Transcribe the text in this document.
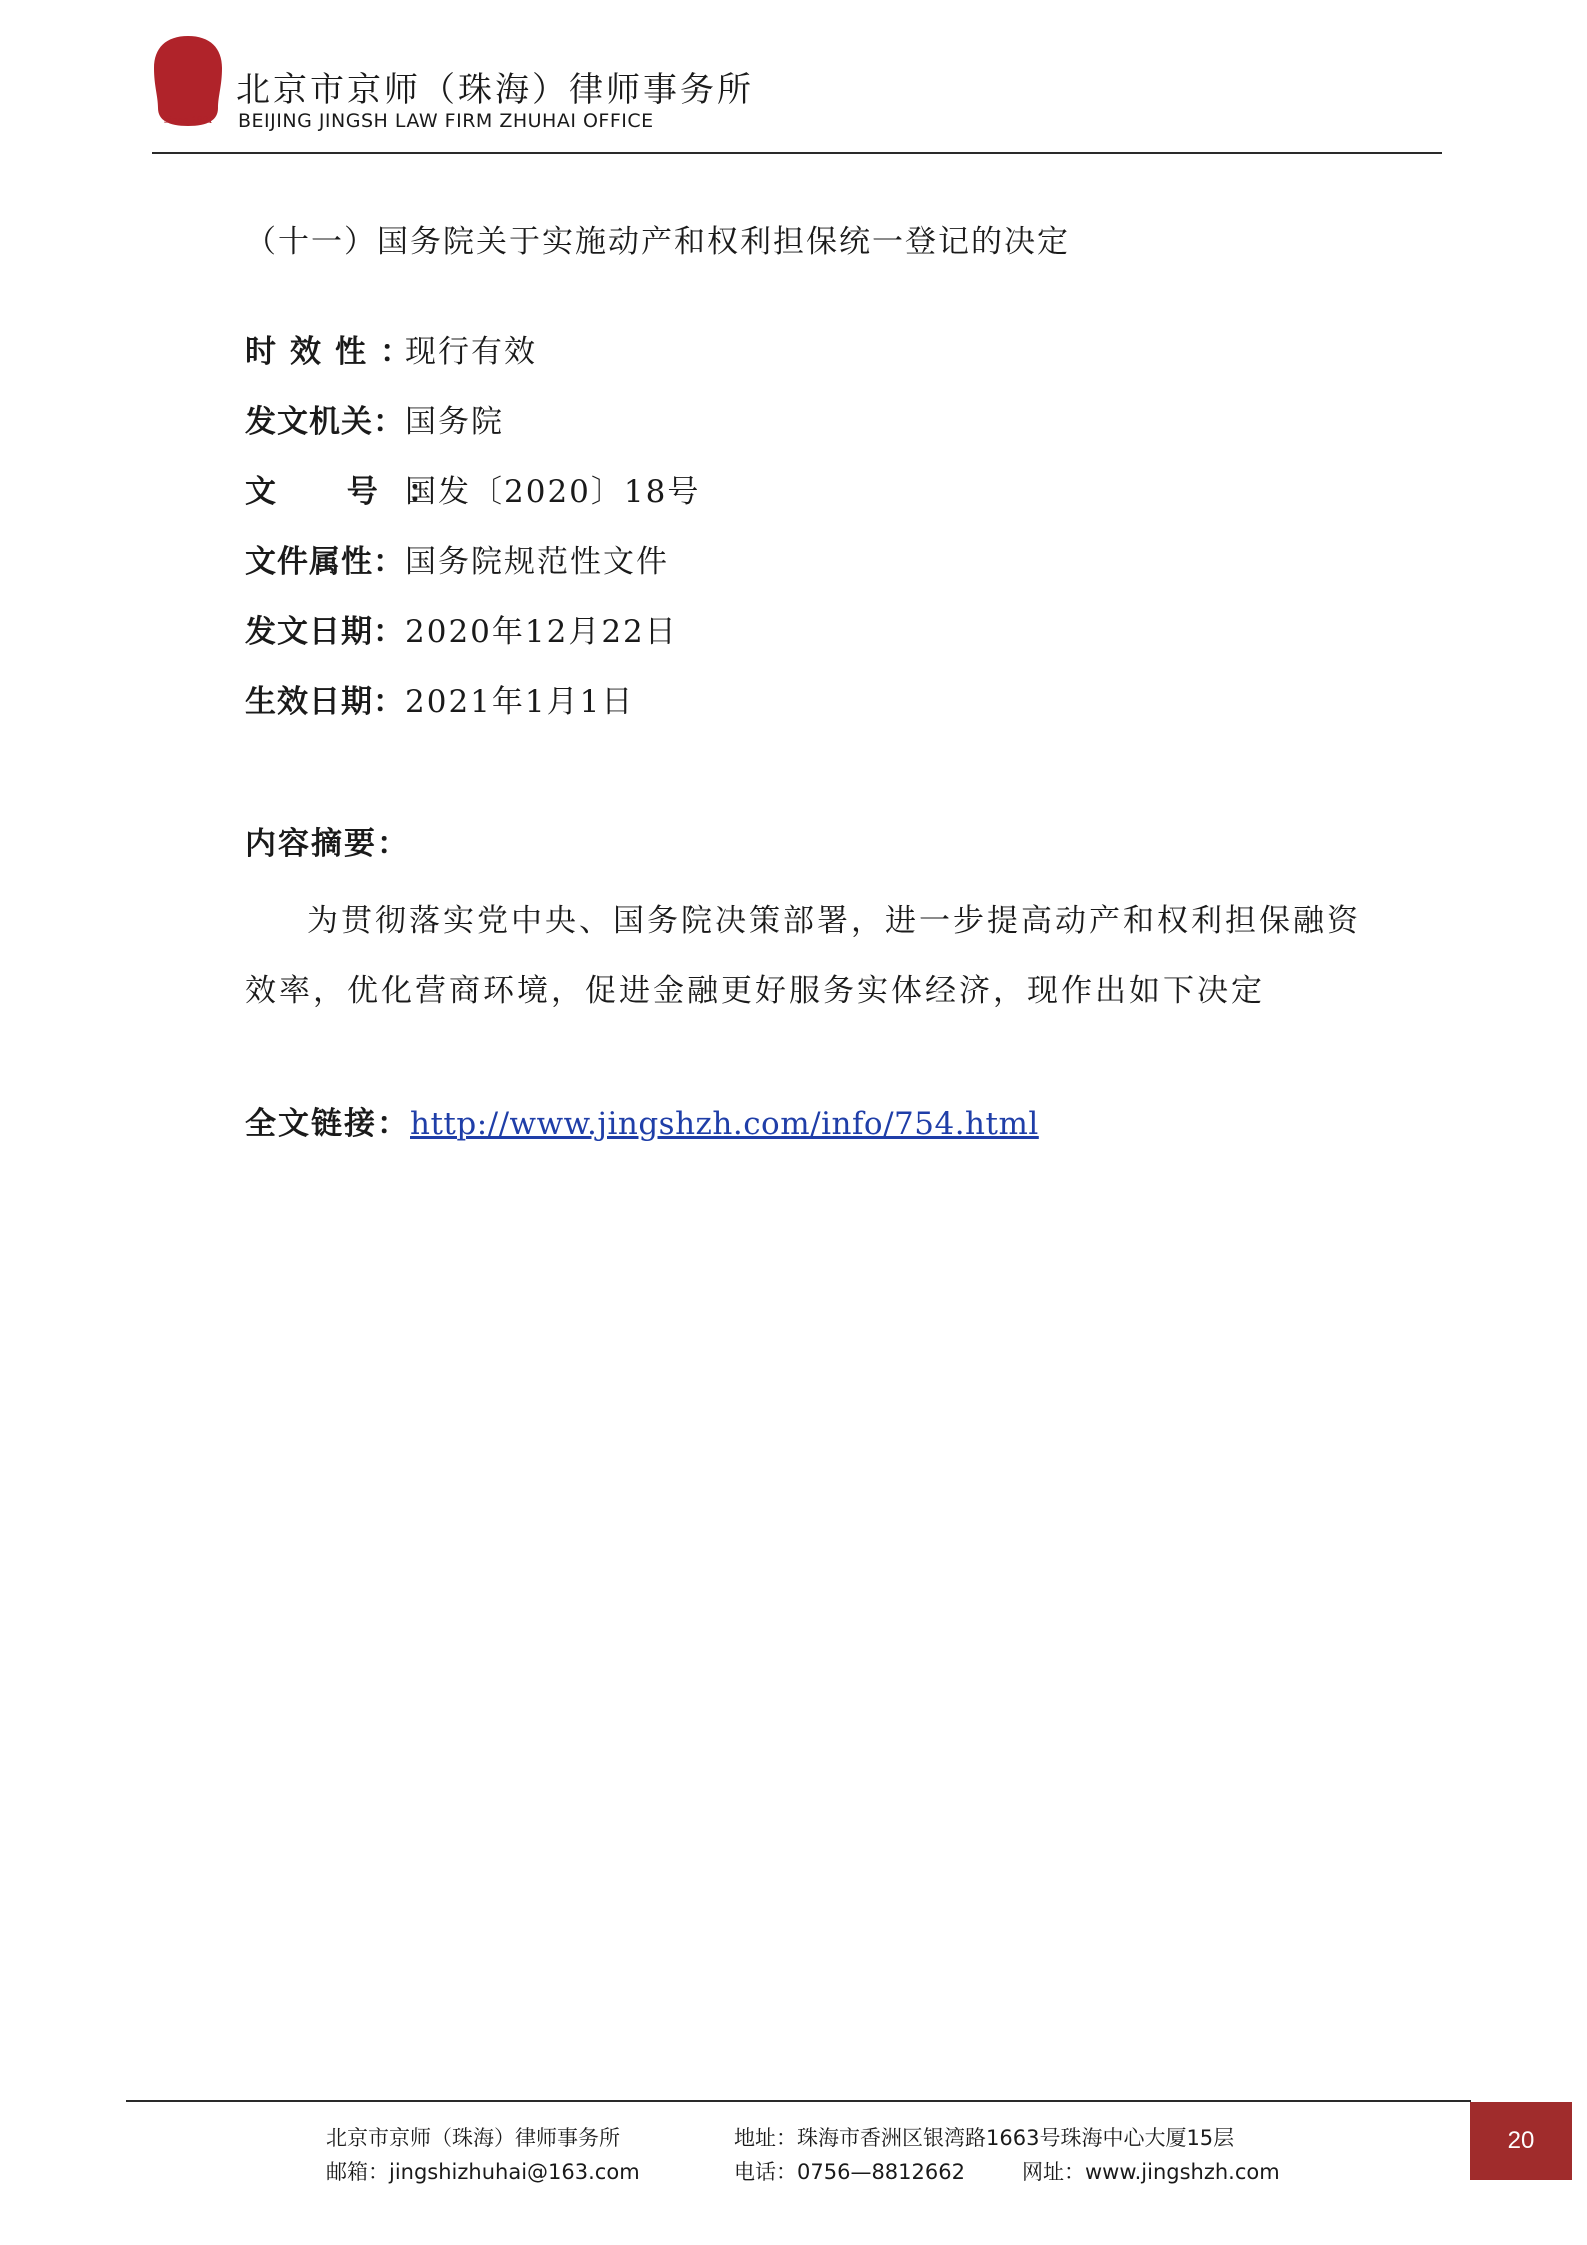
since 1991
北京市京师（珠海）律师事务所
BEIJING JINGSH LAW FIRM ZHUHAI OFFICE
（十一）国务院关于实施动产和权利担保统一登记的决定
时效性：现行有效
发文机关：国务院
文 号：国发〔2020〕18号
文件属性：国务院规范性文件
发文日期：2020年12月22日
生效日期：2021年1月1日
内容摘要：
为贯彻落实党中央、国务院决策部署，进一步提高动产和权利担保融资效率，优化营商环境，促进金融更好服务实体经济，现作出如下决定
全文链接：http://www.jingshzh.com/info/754.html
北京市京师（珠海）律师事务所	地址：珠海市香洲区银湾路1663号珠海中心大厦15层
邮箱：jingshizhuhai@163.com	电话：0756—8812662	网址：www.jingshzh.com
20
